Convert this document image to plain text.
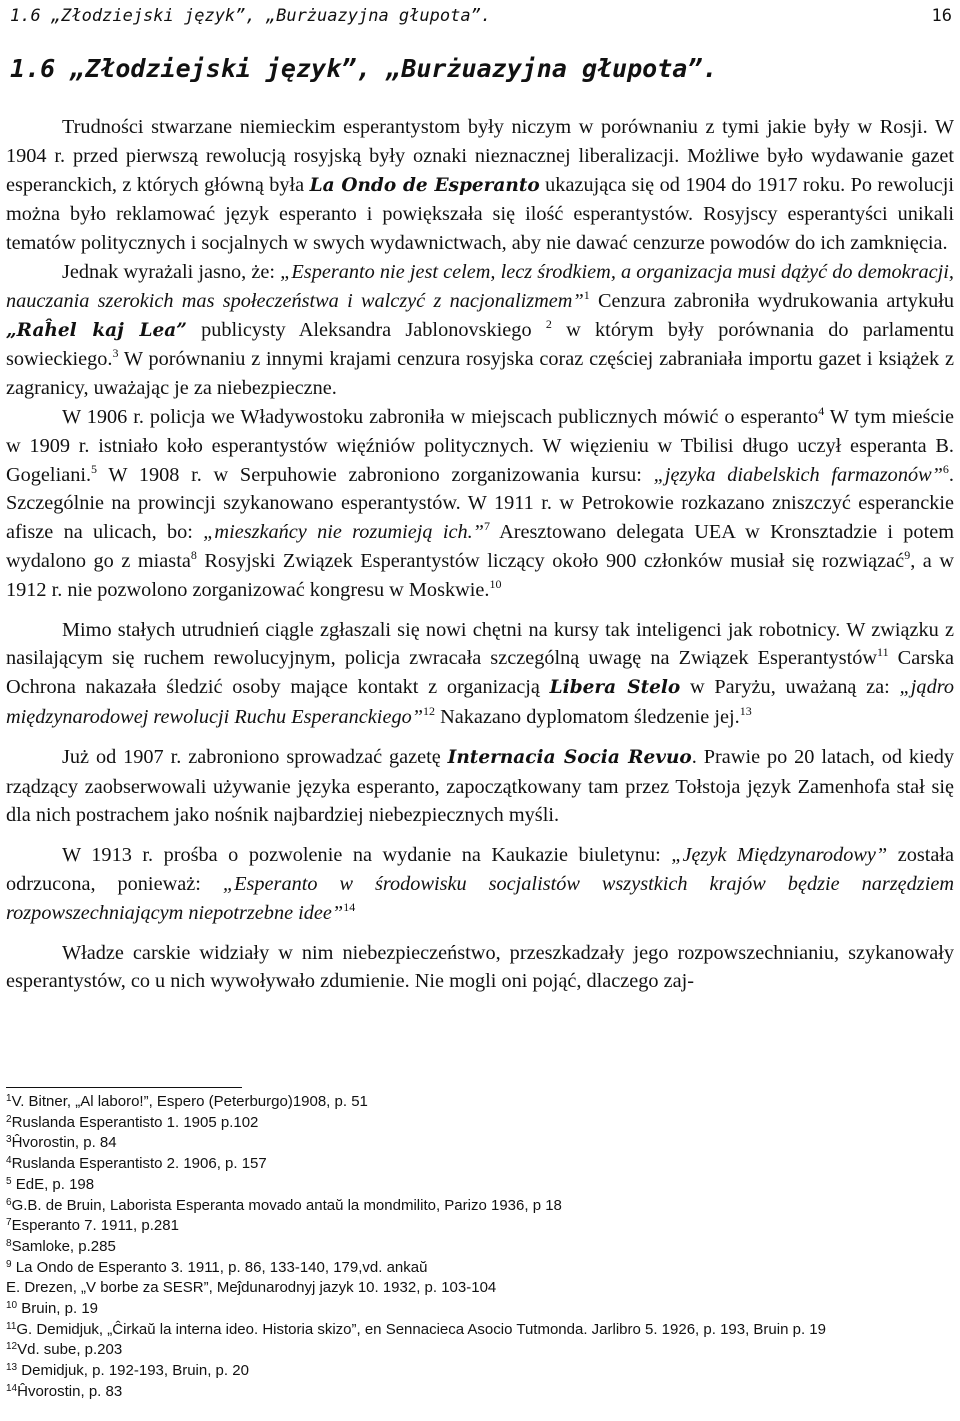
1.6 „Złodziejski język”, „Burżuazyjna głupota”.	16
1.6 „Złodziejski język”, „Burżuazyjna głupota”.

Trudności stwarzane niemieckim esperantystom były niczym w porównaniu z tymi jakie były w Rosji. W 1904 r. przed pierwszą rewolucją rosyjską były oznaki nieznacznej liberalizacji. Możliwe było wydawanie gazet esperanckich, z których główną była La Ondo de Esperanto ukazująca się od 1904 do 1917 roku. Po rewolucji można było reklamować język esperanto i powiększała się ilość esperantystów. Rosyjscy esperantyści unikali tematów politycznych i socjalnych w swych wydawnictwach, aby nie dawać cenzurze powodów do ich zamknięcia.

Jednak wyrażali jasno, że: „Esperanto nie jest celem, lecz środkiem, a organizacja musi dążyć do demokracji, nauczania szerokich mas społeczeństwa i walczyć z nacjonalizmem”$^1$ Cenzura zabroniła wydrukowania artykułu „Raĥel kaj Lea” publicysty Aleksandra Jablonovskiego $^2$ w którym były porównania do parlamentu sowieckiego.$^3$ W porównaniu z innymi krajami cenzura rosyjska coraz częściej zabraniała importu gazet i książek z zagranicy, uważając je za niebezpieczne.

W 1906 r. policja we Władywostoku zabroniła w miejscach publicznych mówić o esperanto$^4$ W tym mieście w 1909 r. istniało koło esperantystów więźniów politycznych. W więzieniu w Tbilisi długo uczył esperanta B. Gogeliani.$^5$ W 1908 r. w Serpuhowie zabroniono zorganizowania kursu: „języka diabelskich farmazonów”$^6$. Szczególnie na prowincji szykanowano esperantystów. W 1911 r. w Petrokowie rozkazano zniszczyć esperanckie afisze na ulicach, bo: „mieszkańcy nie rozumieją ich.”$^7$ Aresztowano delegata UEA w Kronsztadzie i potem wydalono go z miasta$^8$ Rosyjski Związek Esperantystów liczący około 900 członków musiał się rozwiązać$^9$, a w 1912 r. nie pozwolono zorganizować kongresu w Moskwie.$^{10}$

Mimo stałych utrudnień ciągle zgłaszali się nowi chętni na kursy tak inteligenci jak robotnicy. W związku z nasilającym się ruchem rewolucyjnym, policja zwracała szczególną uwagę na Związek Esperantystów$^{11}$ Carska Ochrona nakazała śledzić osoby mające kontakt z organizacją Libera Stelo w Paryżu, uważaną za: „jądro międzynarodowej rewolucji Ruchu Esperanckiego”$^{12}$ Nakazano dyplomatom śledzenie jej.$^{13}$

Już od 1907 r. zabroniono sprowadzać gazetę Internacia Socia Revuo. Prawie po 20 latach, od kiedy rządzący zaobserwowali używanie języka esperanto, zapoczątkowany tam przez Tołstoja język Zamenhofa stał się dla nich postrachem jako nośnik najbardziej niebezpiecznych myśli.

W 1913 r. prośba o pozwolenie na wydanie na Kaukazie biuletynu: „Język Międzynarodowy” została odrzucona, ponieważ: „Esperanto w środowisku socjalistów wszystkich krajów będzie narzędziem rozpowszechniającym niepotrzebne idee”$^{14}$

Władze carskie widziały w nim niebezpieczeństwo, przeszkadzały jego rozpowszechnianiu, szykanowały esperantystów, co u nich wywoływało zdumienie. Nie mogli oni pojąć, dlaczego zaj-

$^1$V. Bitner, „Al laboro!”, Espero (Peterburgo)1908, p. 51
$^2$Ruslanda Esperantisto 1. 1905 p.102
$^3$Ĥvorostin, p. 84
$^4$Ruslanda Esperantisto 2. 1906, p. 157
$^5$ EdE, p. 198
$^6$G.B. de Bruin, Laborista Esperanta movado antaŭ la mondmilito, Parizo 1936, p 18
$^7$Esperanto 7. 1911, p.281
$^8$Samloke, p.285
$^9$ La Ondo de Esperanto 3. 1911, p. 86, 133-140, 179,vd. ankaŭ
E. Drezen, „V borbe za SESR”, Meĵdunarodnyj jazyk 10. 1932, p. 103-104
$^{10}$ Bruin, p. 19
$^{11}$G. Demidjuk, „Ĉirkaŭ la interna ideo. Historia skizo”, en Sennacieca Asocio Tutmonda. Jarlibro 5. 1926, p. 193, Bruin p. 19
$^{12}$Vd. sube, p.203
$^{13}$ Demidjuk, p. 192-193, Bruin, p. 20
$^{14}$Ĥvorostin, p. 83
